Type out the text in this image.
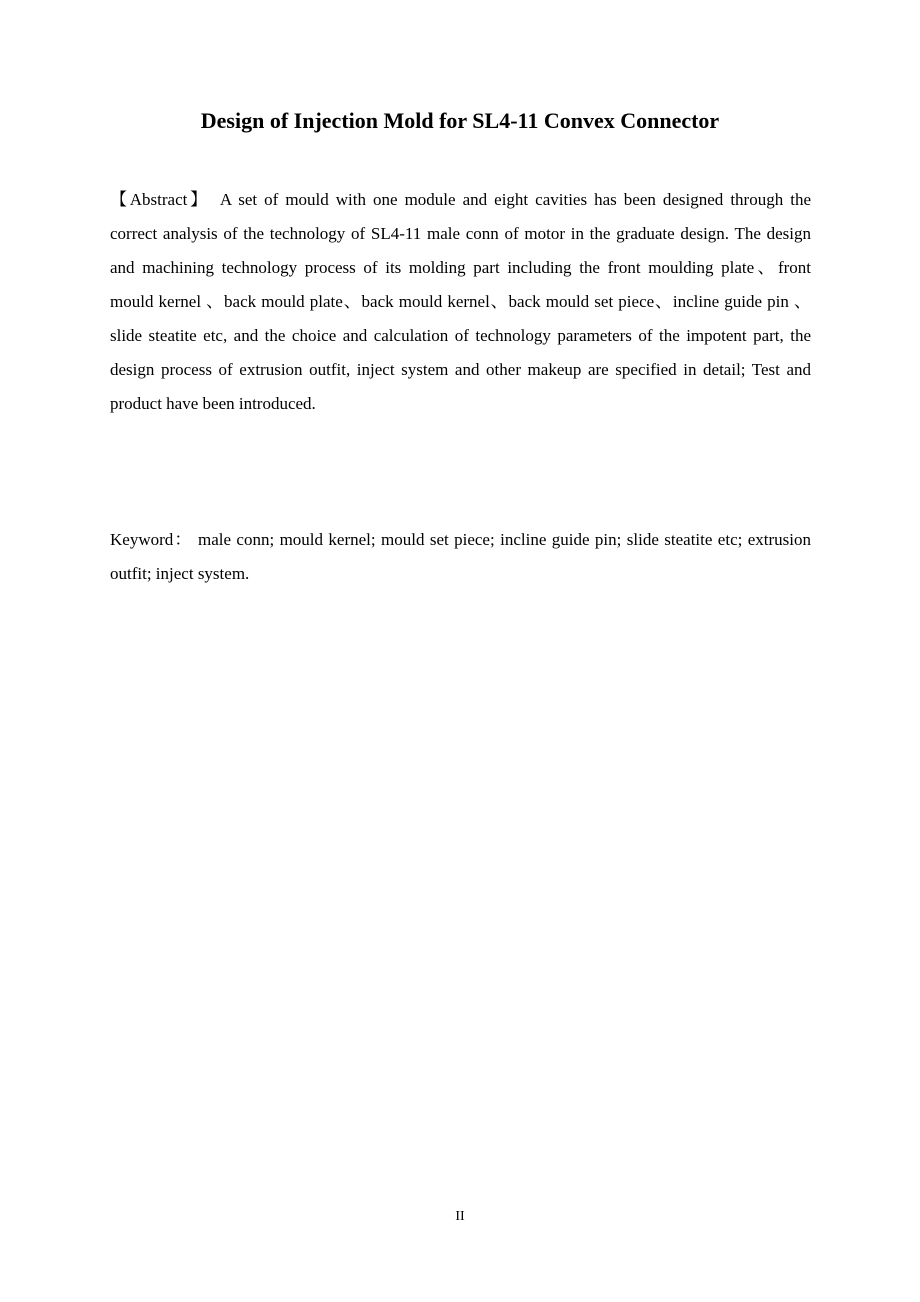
Design of Injection Mold for SL4-11 Convex Connector

【Abstract】 A set of mould with one module and eight cavities has been designed through the correct analysis of the technology of SL4-11 male conn of motor in the graduate design. The design and machining technology process of its molding part including the front moulding plate、front mould kernel 、back mould plate、back mould kernel、back mould set piece、incline guide pin 、slide steatite etc, and the choice and calculation of technology parameters of the impotent part, the design process of extrusion outfit, inject system and other makeup are specified in detail; Test and product have been introduced.

Keyword： male conn; mould kernel; mould set piece; incline guide pin; slide steatite etc; extrusion outfit; inject system.

II
